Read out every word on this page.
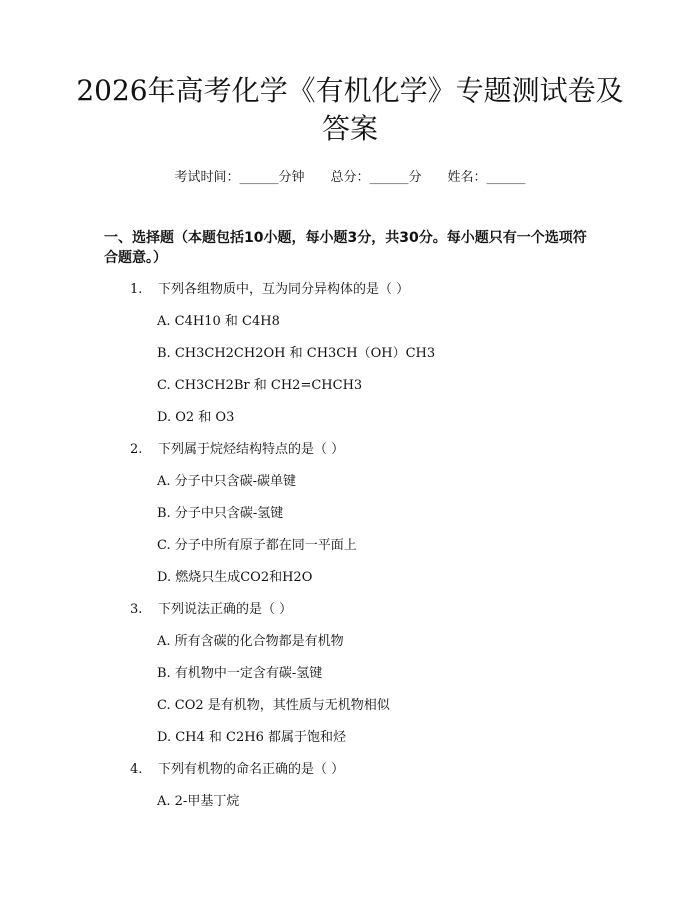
2026年高考化学《有机化学》专题测试卷及答案
考试时间：______分钟 总分：______分 姓名：______

一、选择题（本题包括10小题，每小题3分，共30分。每小题只有一个选项符合题意。）

1. 下列各组物质中，互为同分异构体的是（ ）
A. C4H10 和 C4H8
B. CH3CH2CH2OH 和 CH3CH（OH）CH3
C. CH3CH2Br 和 CH2=CHCH3
D. O2 和 O3
2. 下列属于烷烃结构特点的是（ ）
A. 分子中只含碳-碳单键
B. 分子中只含碳-氢键
C. 分子中所有原子都在同一平面上
D. 燃烧只生成CO2和H2O
3. 下列说法正确的是（ ）
A. 所有含碳的化合物都是有机物
B. 有机物中一定含有碳-氢键
C. CO2 是有机物，其性质与无机物相似
D. CH4 和 C2H6 都属于饱和烃
4. 下列有机物的命名正确的是（ ）
A. 2-甲基丁烷
